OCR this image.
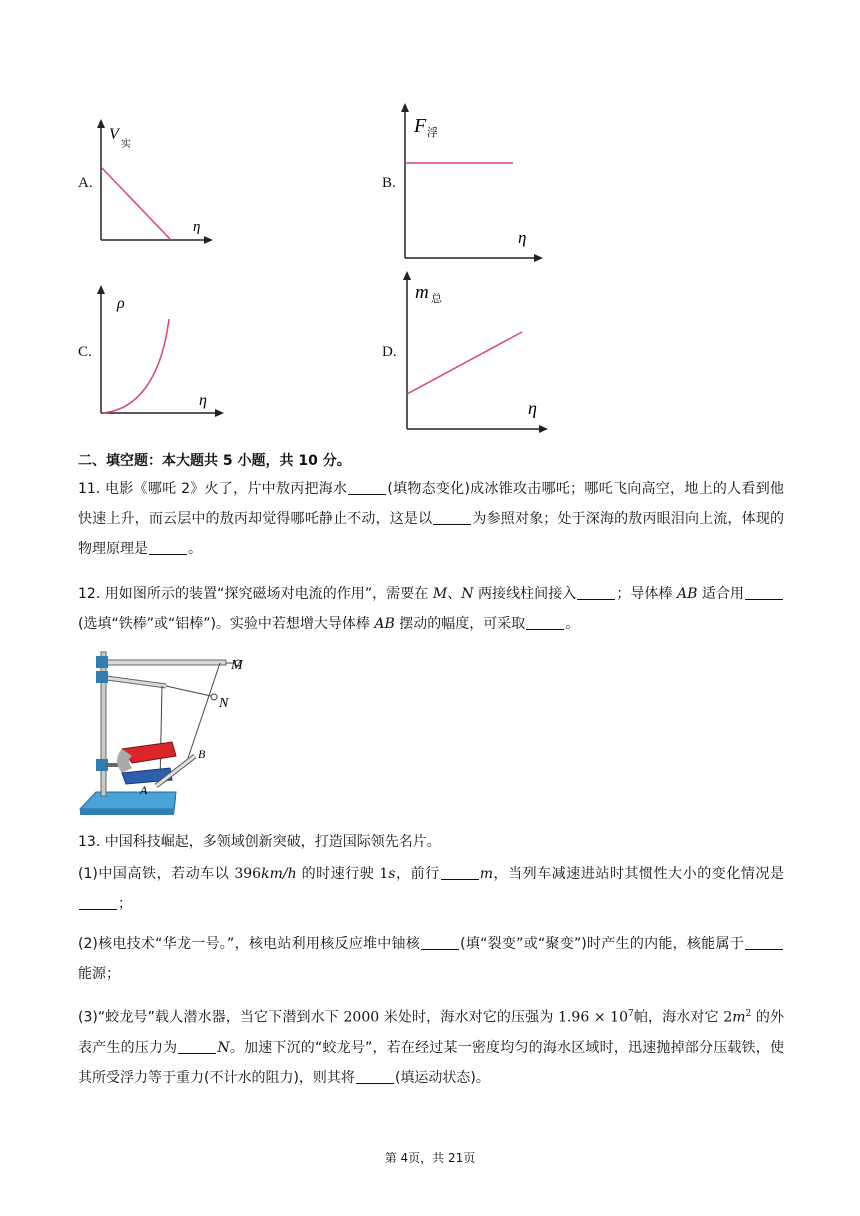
A.
V
实
η
B.
F 浮
η
C.
ρ
η
D.
m 总
η
二、填空题：本大题共 5 小题，共 10 分。
11. 电影《哪吒 2》火了，片中敖丙把海水	(填物态变化)成冰锥攻击哪吒；哪吒飞向高空，地上的人看到他快速上升，而云层中的敖丙却觉得哪吒静止不动，这是以	为参照对象；处于深海的敖丙眼泪向上流，体现的物理原理是	。
12. 用如图所示的装置“探究磁场对电流的作用”，需要在 M、N 两接线柱间接入	；导体棒 AB 适合用(选填“铁棒”或“铝棒”)。实验中若想增大导体棒 AB 摆动的幅度，可采取	。
M
N
A
B
13. 中国科技崛起，多领域创新突破，打造国际领先名片。
(1)中国高铁，若动车以 396km/h 的时速行驶 1s，前行	m，当列车减速进站时其惯性大小的变化情况是；
(2)核电技术“华龙一号。”，核电站利用核反应堆中铀核	(填“裂变”或“聚变”)时产生的内能，核能属于能源；
(3)“蛟龙号”载人潜水器，当它下潜到水下 2000 米处时，海水对它的压强为 $1.96 \times 10^7$帕，海水对它 $2m^2$ 的外表产生的压力为	N。加速下沉的“蛟龙号”，若在经过某一密度均匀的海水区域时，迅速抛掉部分压载铁，使其所受浮力等于重力(不计水的阻力)，则其将	(填运动状态)。
第 4页，共 21页
